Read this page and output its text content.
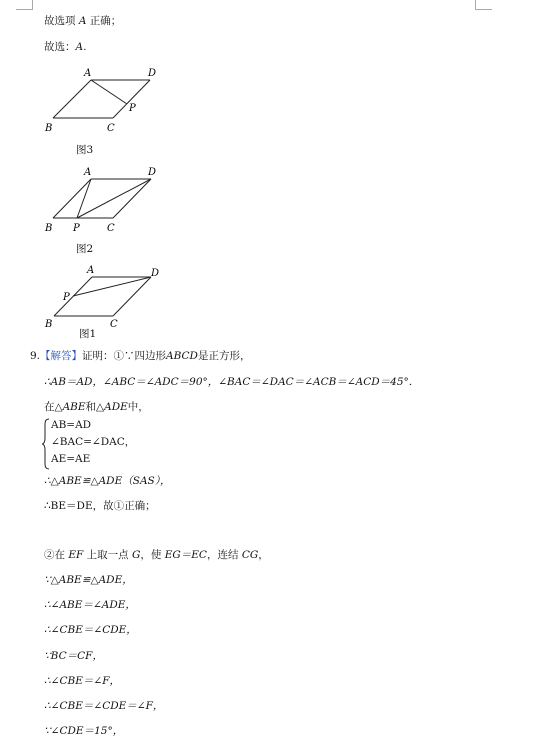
故选项 A 正确；
故选：A.
A	D
P
B	C
图3
A	D
B P	C
图2
A	D
P
B	C
图1
9.【解答】证明：①∵四边形ABCD是正方形，
∴AB＝AD，∠ABC＝∠ADC＝90°，∠BAC＝∠DAC＝∠ACB＝∠ACD＝45°．
在△ABE和△ADE中，
AB=AD
∠BAC=∠DAC，
AE=AE
∴△ABE≌△ADE（SAS），
∴BE＝DE，故①正确；
②在 EF 上取一点 G，使 EG＝EC，连结 CG，
∵△ABE≌△ADE，
∴∠ABE＝∠ADE，
∴∠CBE＝∠CDE，
∵BC＝CF，
∴∠CBE＝∠F，
∴∠CBE＝∠CDE＝∠F，
∵∠CDE＝15°，
